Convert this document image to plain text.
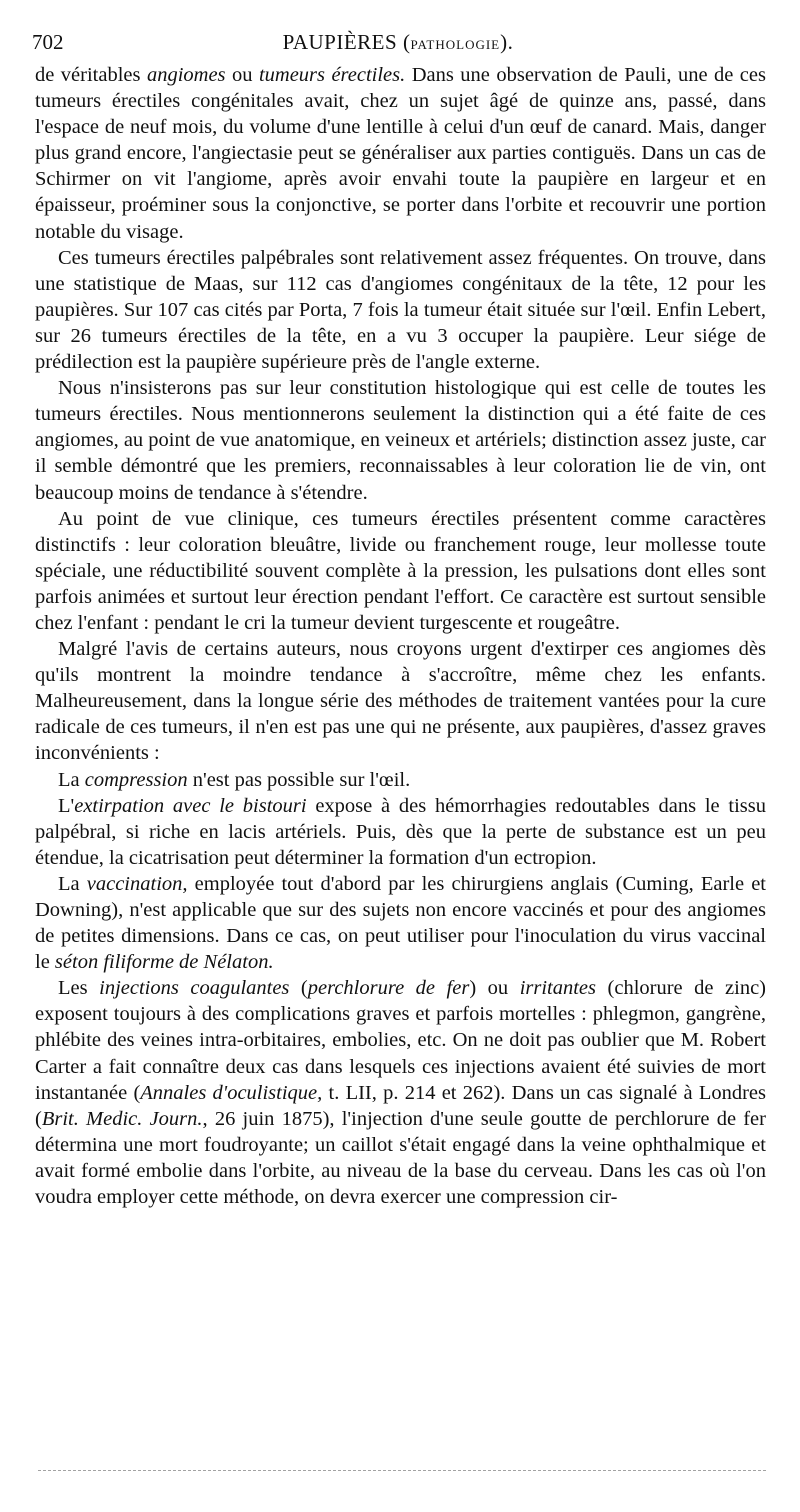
702	PAUPIÈRES (PATHOLOGIE).

de véritables angiomes ou tumeurs érectiles. Dans une observation de Pauli, une de ces tumeurs érectiles congénitales avait, chez un sujet âgé de quinze ans, passé, dans l'espace de neuf mois, du volume d'une lentille à celui d'un œuf de canard. Mais, danger plus grand encore, l'angiectasie peut se généraliser aux parties contiguës. Dans un cas de Schirmer on vit l'angiome, après avoir envahi toute la paupière en largeur et en épaisseur, proéminer sous la conjonctive, se porter dans l'orbite et recouvrir une portion notable du visage.

Ces tumeurs érectiles palpébrales sont relativement assez fréquentes. On trouve, dans une statistique de Maas, sur 112 cas d'angiomes congénitaux de la tête, 12 pour les paupières. Sur 107 cas cités par Porta, 7 fois la tumeur était située sur l'œil. Enfin Lebert, sur 26 tumeurs érectiles de la tête, en a vu 3 occuper la paupière. Leur siége de prédilection est la paupière supérieure près de l'angle externe.

Nous n'insisterons pas sur leur constitution histologique qui est celle de toutes les tumeurs érectiles. Nous mentionnerons seulement la distinction qui a été faite de ces angiomes, au point de vue anatomique, en veineux et artériels; distinction assez juste, car il semble démontré que les premiers, reconnaissables à leur coloration lie de vin, ont beaucoup moins de tendance à s'étendre.

Au point de vue clinique, ces tumeurs érectiles présentent comme caractères distinctifs : leur coloration bleuâtre, livide ou franchement rouge, leur mollesse toute spéciale, une réductibilité souvent complète à la pression, les pulsations dont elles sont parfois animées et surtout leur érection pendant l'effort. Ce caractère est surtout sensible chez l'enfant : pendant le cri la tumeur devient turgescente et rougeâtre.

Malgré l'avis de certains auteurs, nous croyons urgent d'extirper ces angiomes dès qu'ils montrent la moindre tendance à s'accroître, même chez les enfants. Malheureusement, dans la longue série des méthodes de traitement vantées pour la cure radicale de ces tumeurs, il n'en est pas une qui ne présente, aux paupières, d'assez graves inconvénients :

La compression n'est pas possible sur l'œil.

L'extirpation avec le bistouri expose à des hémorrhagies redoutables dans le tissu palpébral, si riche en lacis artériels. Puis, dès que la perte de substance est un peu étendue, la cicatrisation peut déterminer la formation d'un ectropion.

La vaccination, employée tout d'abord par les chirurgiens anglais (Cuming, Earle et Downing), n'est applicable que sur des sujets non encore vaccinés et pour des angiomes de petites dimensions. Dans ce cas, on peut utiliser pour l'inoculation du virus vaccinal le séton filiforme de Nélaton.

Les injections coagulantes (perchlorure de fer) ou irritantes (chlorure de zinc) exposent toujours à des complications graves et parfois mortelles : phlegmon, gangrène, phlébite des veines intra-orbitaires, embolies, etc. On ne doit pas oublier que M. Robert Carter a fait connaître deux cas dans lesquels ces injections avaient été suivies de mort instantanée (Annales d'oculistique, t. LII, p. 214 et 262). Dans un cas signalé à Londres (Brit. Medic. Journ., 26 juin 1875), l'injection d'une seule goutte de perchlorure de fer détermina une mort foudroyante; un caillot s'était engagé dans la veine ophthalmique et avait formé embolie dans l'orbite, au niveau de la base du cerveau. Dans les cas où l'on voudra employer cette méthode, on devra exercer une compression cir-
